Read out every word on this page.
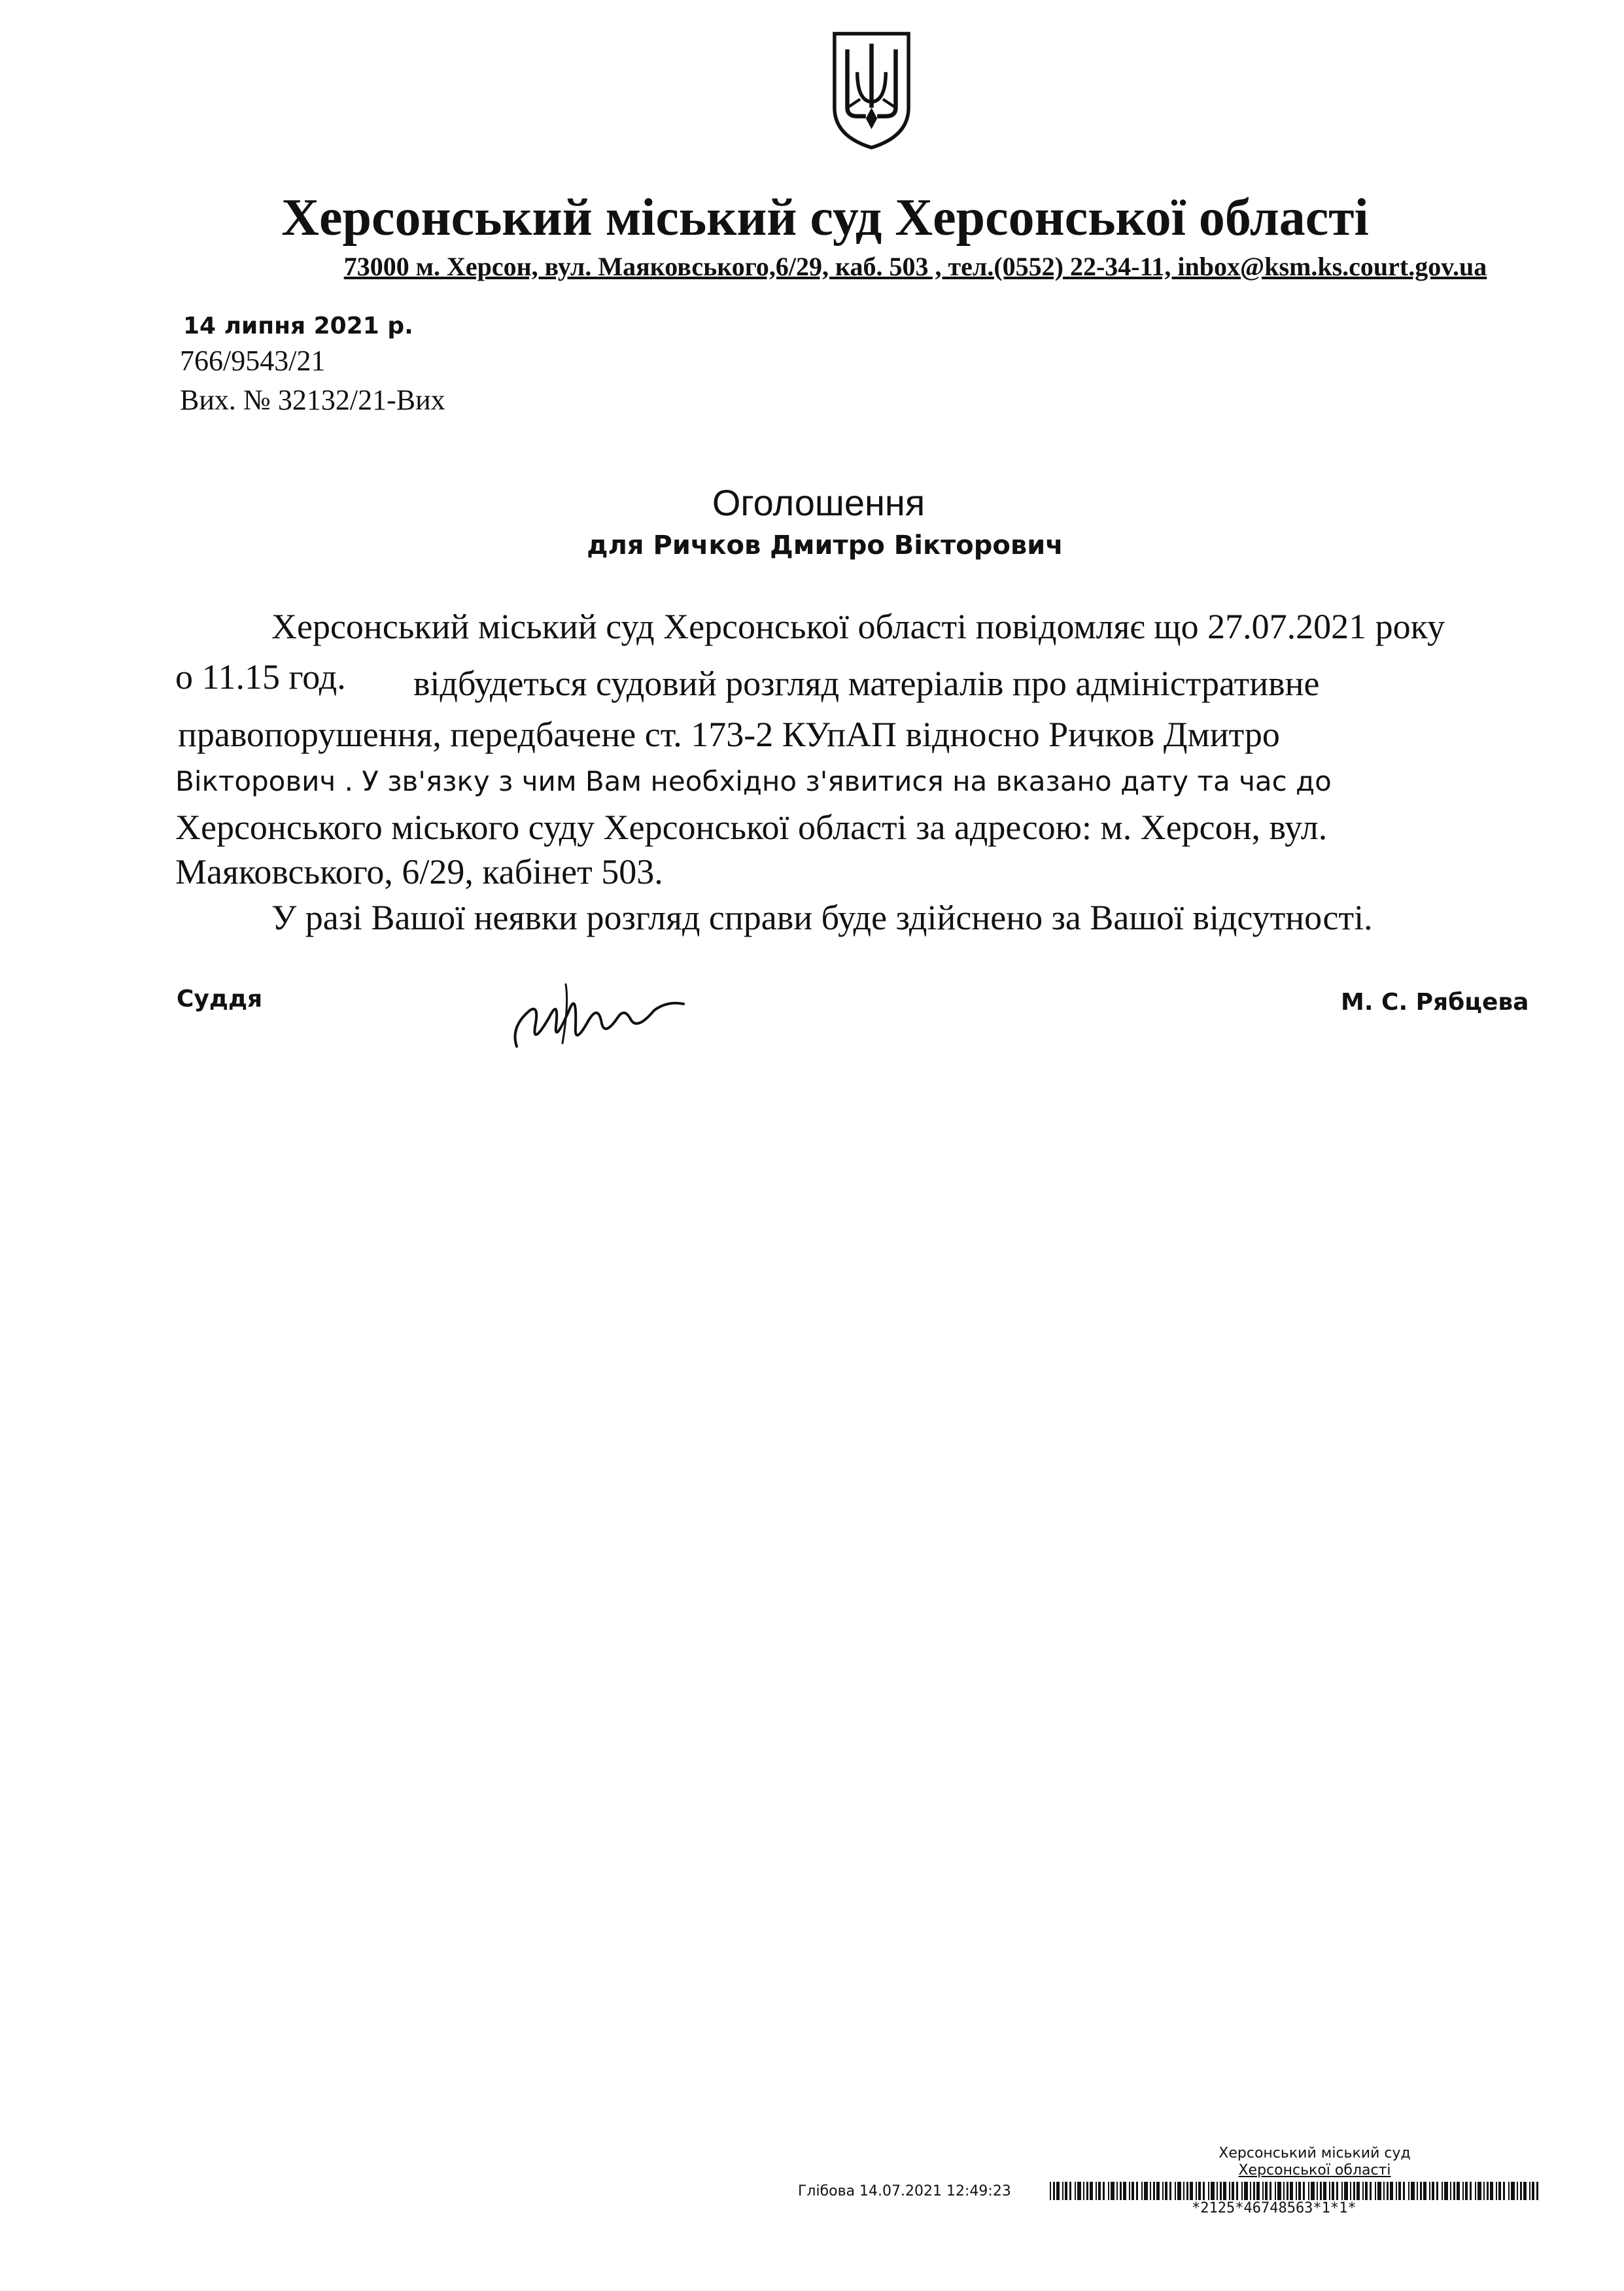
Херсонський міський суд Херсонської області
73000 м. Херсон, вул. Маяковського,6/29, каб. 503 , тел.(0552) 22-34-11, inbox@ksm.ks.court.gov.ua
14 липня 2021 р.
766/9543/21
Вих. № 32132/21-Вих
Оголошення
для Ричков Дмитро Вікторович
Херсонський міський суд Херсонської області повідомляє що 27.07.2021 року
о 11.15 год. відбудеться судовий розгляд матеріалів про адміністративне
правопорушення, передбачене ст. 173-2 КУпАП відносно Ричков Дмитро
Вікторович . У зв'язку з чим Вам необхідно з'явитися на вказано дату та час до
Херсонського міського суду Херсонської області за адресою: м. Херсон, вул.
Маяковського, 6/29, кабінет 503.
У разі Вашої неявки розгляд справи буде здійснено за Вашої відсутності.
Суддя	М. С. Рябцева
Херсонський міський суд
Херсонської області
Глібова 14.07.2021 12:49:23
*2125*46748563*1*1*
